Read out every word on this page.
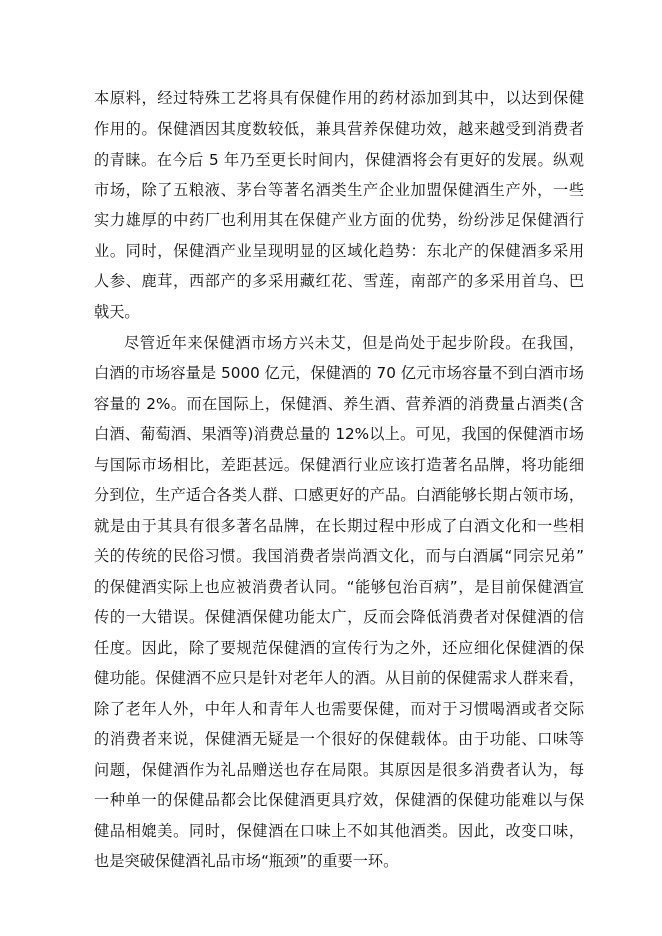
本原料，经过特殊工艺将具有保健作用的药材添加到其中，以达到保健
作用的。保健酒因其度数较低，兼具营养保健功效，越来越受到消费者
的青睐。在今后 5 年乃至更长时间内，保健酒将会有更好的发展。纵观
市场，除了五粮液、茅台等著名酒类生产企业加盟保健酒生产外，一些
实力雄厚的中药厂也利用其在保健产业方面的优势，纷纷涉足保健酒行
业。同时，保健酒产业呈现明显的区域化趋势：东北产的保健酒多采用
人参、鹿茸，西部产的多采用藏红花、雪莲，南部产的多采用首乌、巴
戟天。
尽管近年来保健酒市场方兴未艾，但是尚处于起步阶段。在我国，
白酒的市场容量是 5000 亿元，保健酒的 70 亿元市场容量不到白酒市场
容量的 2%。而在国际上，保健酒、养生酒、营养酒的消费量占酒类(含
白酒、葡萄酒、果酒等)消费总量的 12%以上。可见，我国的保健酒市场
与国际市场相比，差距甚远。保健酒行业应该打造著名品牌，将功能细
分到位，生产适合各类人群、口感更好的产品。白酒能够长期占领市场，
就是由于其具有很多著名品牌，在长期过程中形成了白酒文化和一些相
关的传统的民俗习惯。我国消费者崇尚酒文化，而与白酒属“同宗兄弟”
的保健酒实际上也应被消费者认同。“能够包治百病”，是目前保健酒宣
传的一大错误。保健酒保健功能太广，反而会降低消费者对保健酒的信
任度。因此，除了要规范保健酒的宣传行为之外，还应细化保健酒的保
健功能。保健酒不应只是针对老年人的酒。从目前的保健需求人群来看，
除了老年人外，中年人和青年人也需要保健，而对于习惯喝酒或者交际
的消费者来说，保健酒无疑是一个很好的保健载体。由于功能、口味等
问题，保健酒作为礼品赠送也存在局限。其原因是很多消费者认为，每
一种单一的保健品都会比保健酒更具疗效，保健酒的保健功能难以与保
健品相媲美。同时，保健酒在口味上不如其他酒类。因此，改变口味，
也是突破保健酒礼品市场“瓶颈”的重要一环。
